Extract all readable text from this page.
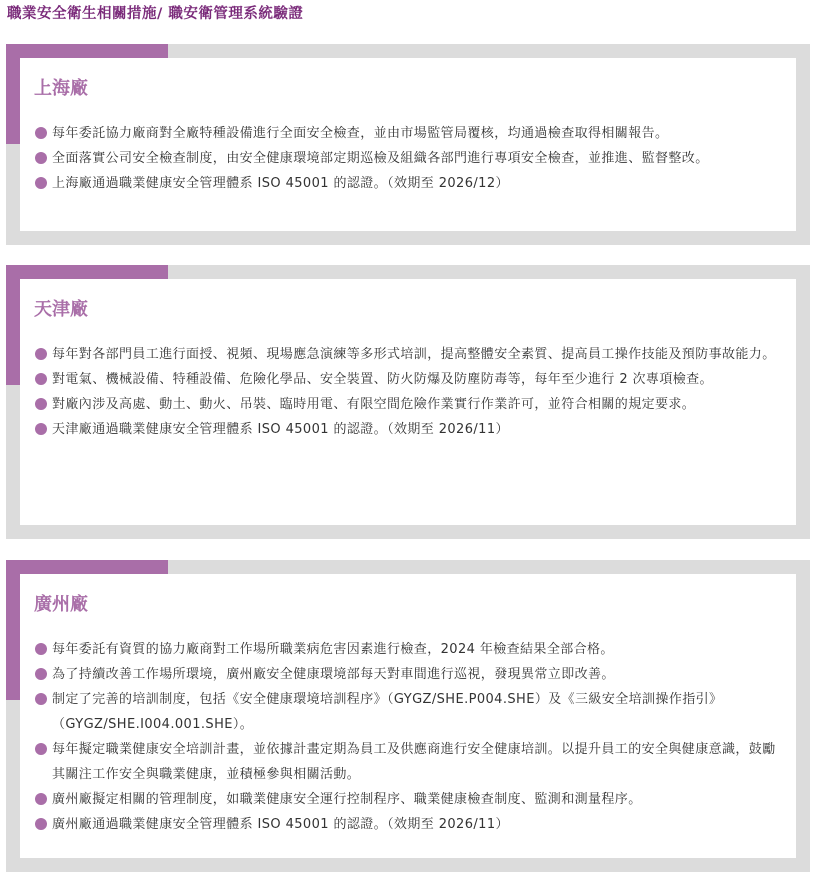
職業安全衛生相關措施/ 職安衛管理系統驗證
上海廠
每年委託協力廠商對全廠特種設備進行全面安全檢查，並由市場監管局覆核，均通過檢查取得相關報告。
全面落實公司安全檢查制度，由安全健康環境部定期巡檢及組織各部門進行專項安全檢查，並推進、監督整改。
上海廠通過職業健康安全管理體系 ISO 45001 的認證。（效期至 2026/12）
天津廠
每年對各部門員工進行面授、視頻、現場應急演練等多形式培訓，提高整體安全素質、提高員工操作技能及預防事故能力。
對電氣、機械設備、特種設備、危險化學品、安全裝置、防火防爆及防塵防毒等，每年至少進行 2 次專項檢查。
對廠內涉及高處、動土、動火、吊裝、臨時用電、有限空間危險作業實行作業許可，並符合相關的規定要求。
天津廠通過職業健康安全管理體系 ISO 45001 的認證。（效期至 2026/11）
廣州廠
每年委託有資質的協力廠商對工作場所職業病危害因素進行檢查，2024 年檢查結果全部合格。
為了持續改善工作場所環境，廣州廠安全健康環境部每天對車間進行巡視，發現異常立即改善。
制定了完善的培訓制度，包括《安全健康環境培訓程序》（GYGZ/SHE.P004.SHE）及《三級安全培訓操作指引》（GYGZ/SHE.I004.001.SHE）。
每年擬定職業健康安全培訓計畫，並依據計畫定期為員工及供應商進行安全健康培訓。以提升員工的安全與健康意識，鼓勵其關注工作安全與職業健康，並積極參與相關活動。
廣州廠擬定相關的管理制度，如職業健康安全運行控制程序、職業健康檢查制度、監測和測量程序。
廣州廠通過職業健康安全管理體系 ISO 45001 的認證。（效期至 2026/11）
